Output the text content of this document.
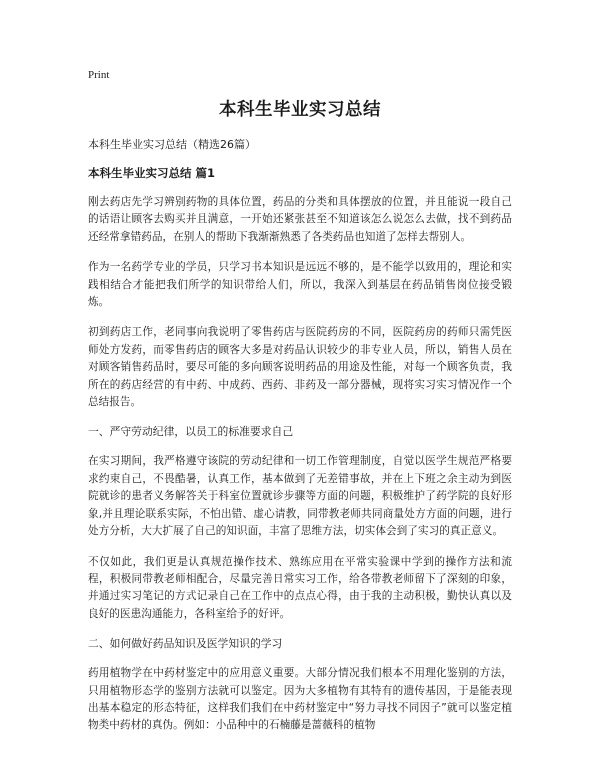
Print
本科生毕业实习总结
本科生毕业实习总结（精选26篇）
本科生毕业实习总结 篇1

刚去药店先学习辨别药物的具体位置，药品的分类和具体摆放的位置，并且能说一段自己的话语让顾客去购买并且满意，一开始还紧张甚至不知道该怎么说怎么去做，找不到药品还经常拿错药品，在别人的帮助下我渐渐熟悉了各类药品也知道了怎样去帮别人。

作为一名药学专业的学员，只学习书本知识是远远不够的，是不能学以致用的，理论和实践相结合才能把我们所学的知识带给人们，所以，我深入到基层在药品销售岗位接受锻炼。

初到药店工作，老同事向我说明了零售药店与医院药房的不同，医院药房的药师只需凭医师处方发药，而零售药店的顾客大多是对药品认识较少的非专业人员，所以，销售人员在对顾客销售药品时，要尽可能的多向顾客说明药品的用途及性能，对每一个顾客负责，我所在的药店经营的有中药、中成药、西药、非药及一部分器械，现将实习实习情况作一个总结报告。

一、严守劳动纪律，以员工的标准要求自己

在实习期间，我严格遵守该院的劳动纪律和一切工作管理制度，自觉以医学生规范严格要求约束自己，不畏酷暑，认真工作，基本做到了无差错事故，并在上下班之余主动为到医院就诊的患者义务解答关于科室位置就诊步骤等方面的问题，积极维护了药学院的良好形象,并且理论联系实际，不怕出错、虚心请教，同带教老师共同商量处方方面的问题，进行处方分析，大大扩展了自己的知识面，丰富了思维方法，切实体会到了实习的真正意义。

不仅如此，我们更是认真规范操作技术、熟练应用在平常实验课中学到的操作方法和流程，积极同带教老师相配合，尽量完善日常实习工作，给各带教老师留下了深刻的印象，并通过实习笔记的方式记录自己在工作中的点点心得，由于我的主动积极，勤快认真以及良好的医患沟通能力，各科室给予的好评。

二、如何做好药品知识及医学知识的学习

药用植物学在中药材鉴定中的应用意义重要。大部分情况我们根本不用理化鉴别的方法，只用植物形态学的鉴别方法就可以鉴定。因为大多植物有其特有的遗传基因，于是能表现出基本稳定的形态特征，这样我们我们在中药材鉴定中“努力寻找不同因子”就可以鉴定植物类中药材的真伪。例如：小品种中的石楠藤是蔷薇科的植物
